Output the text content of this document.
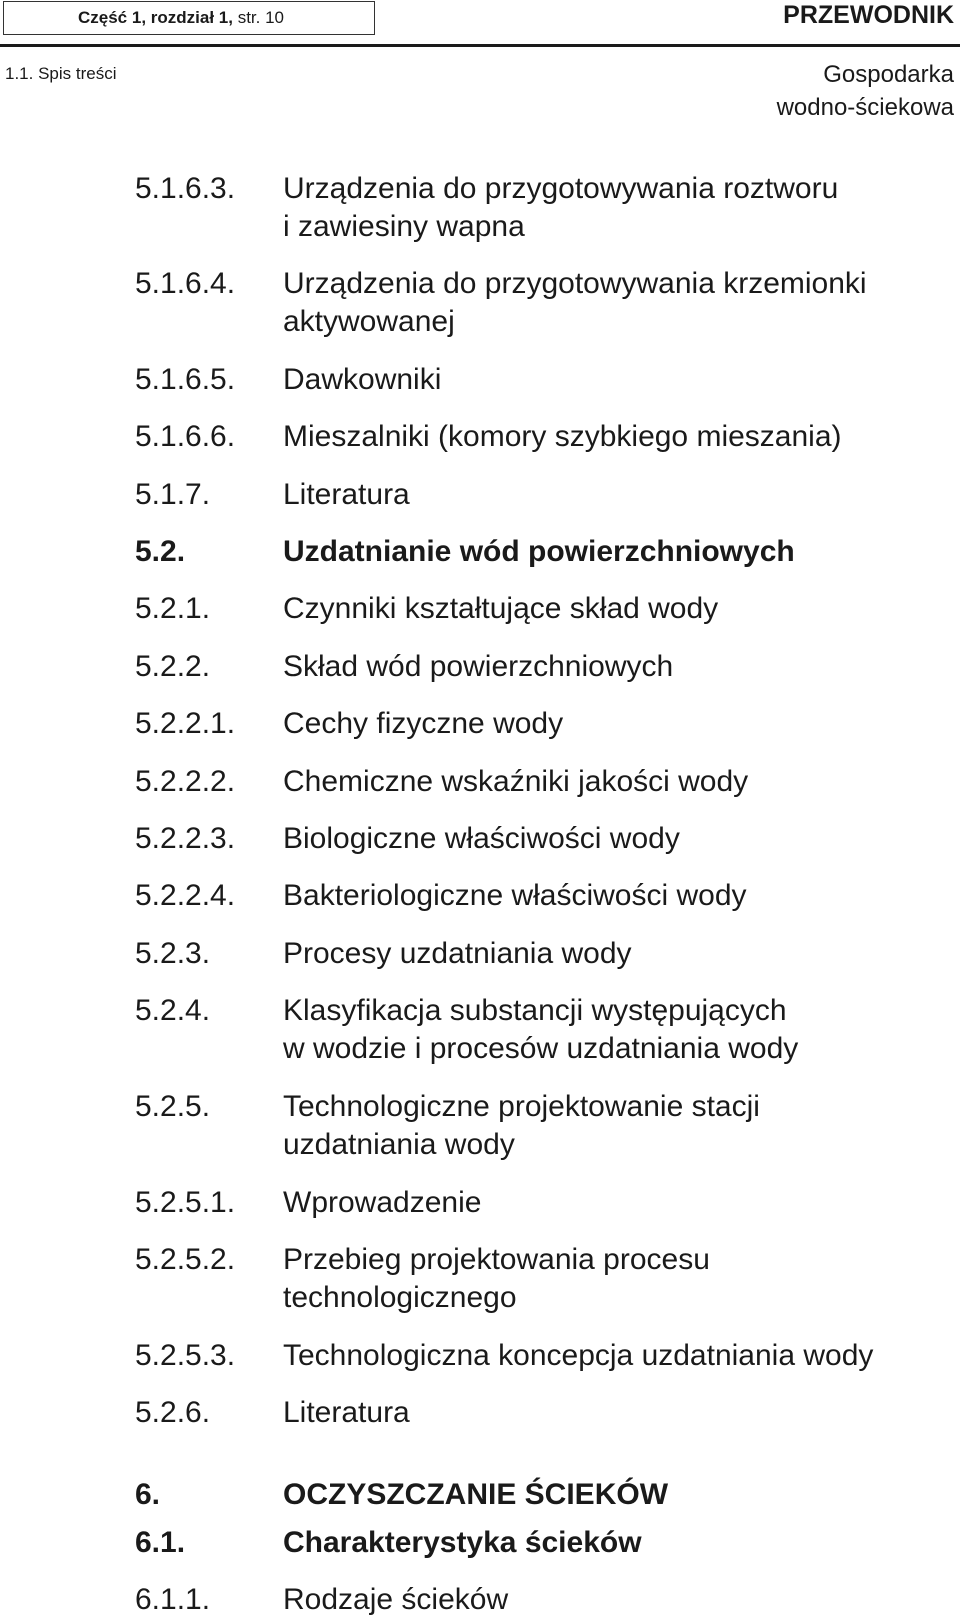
Część 1, rozdział 1,
str. 10	PRZEWODNIK
1.1. Spis treści	Gospodarka
wodno-ściekowa
5.1.6.3. Urządzenia do przygotowywania roztworu
i zawiesiny wapna
5.1.6.4. Urządzenia do przygotowywania krzemionki
aktywowanej
5.1.6.5. Dawkowniki
5.1.6.6. Mieszalniki (komory szybkiego mieszania)
5.1.7. Literatura
5.2.	Uzdatnianie wód powierzchniowych
5.2.1. Czynniki kształtujące skład wody
5.2.2. Skład wód powierzchniowych
5.2.2.1. Cechy fizyczne wody
5.2.2.2. Chemiczne wskaźniki jakości wody
5.2.2.3. Biologiczne właściwości wody
5.2.2.4. Bakteriologiczne właściwości wody
5.2.3. Procesy uzdatniania wody
5.2.4. Klasyfikacja substancji występujących
w wodzie i procesów uzdatniania wody
5.2.5. Technologiczne projektowanie stacji
uzdatniania wody
5.2.5.1. Wprowadzenie
5.2.5.2. Przebieg projektowania procesu
technologicznego
5.2.5.3. Technologiczna koncepcja uzdatniania wody
5.2.6. Literatura
6.	OCZYSZCZANIE ŚCIEKÓW
6.1.	Charakterystyka ścieków
6.1.1. Rodzaje ścieków
